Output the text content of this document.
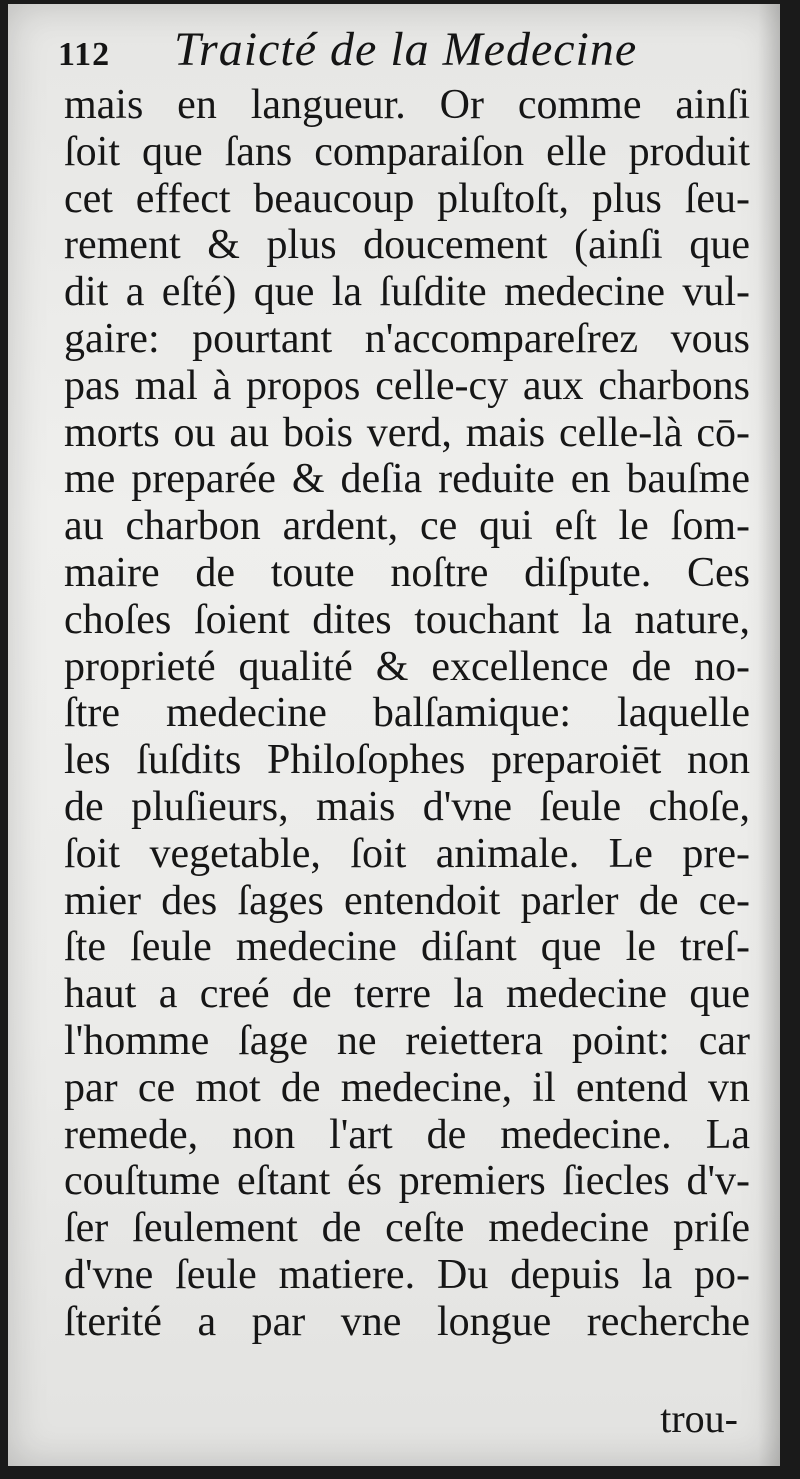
112 Traicté de la Medecine
mais en langueur. Or comme ainſi
ſoit que ſans comparaiſon elle produit
cet effect beaucoup pluſtoſt, plus ſeu-
rement & plus doucement (ainſi que
dit a eſté) que la ſuſdite medecine vul-
gaire: pourtant n'accompareſrez vous
pas mal à propos celle-cy aux charbons
morts ou au bois verd, mais celle-là cō-
me preparée & deſia reduite en bauſme
au charbon ardent, ce qui eſt le ſom-
maire de toute noſtre diſpute. Ces
choſes ſoient dites touchant la nature,
proprieté qualité & excellence de no-
ſtre medecine balſamique: laquelle
les ſuſdits Philoſophes preparoiēt non
de pluſieurs, mais d'vne ſeule choſe,
ſoit vegetable, ſoit animale. Le pre-
mier des ſages entendoit parler de ce-
ſte ſeule medecine diſant que le treſ-
haut a creé de terre la medecine que
l'homme ſage ne reiettera point: car
par ce mot de medecine, il entend vn
remede, non l'art de medecine. La
couſtume eſtant és premiers ſiecles d'v-
ſer ſeulement de ceſte medecine priſe
d'vne ſeule matiere. Du depuis la po-
ſterité a par vne longue recherche
trou-
